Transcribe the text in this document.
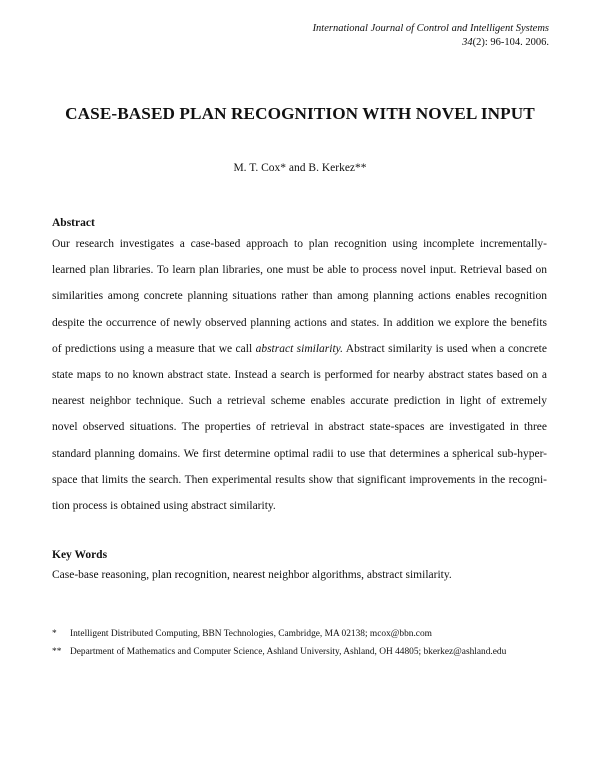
International Journal of Control and Intelligent Systems
34(2): 96-104. 2006.
CASE-BASED PLAN RECOGNITION WITH NOVEL INPUT
M. T. Cox* and B. Kerkez**
Abstract
Our research investigates a case-based approach to plan recognition using incomplete incrementally-
learned plan libraries. To learn plan libraries, one must be able to process novel input. Retrieval based on
similarities among concrete planning situations rather than among planning actions enables recognition
despite the occurrence of newly observed planning actions and states. In addition we explore the benefits
of predictions using a measure that we call abstract similarity. Abstract similarity is used when a concrete
state maps to no known abstract state. Instead a search is performed for nearby abstract states based on a
nearest neighbor technique. Such a retrieval scheme enables accurate prediction in light of extremely
novel observed situations. The properties of retrieval in abstract state-spaces are investigated in three
standard planning domains. We first determine optimal radii to use that determines a spherical sub-hyper-
space that limits the search. Then experimental results show that significant improvements in the recogni-
tion process is obtained using abstract similarity.
Key Words
Case-base reasoning, plan recognition, nearest neighbor algorithms, abstract similarity.
*	Intelligent Distributed Computing, BBN Technologies, Cambridge, MA 02138; mcox@bbn.com
** Department of Mathematics and Computer Science, Ashland University, Ashland, OH 44805; bkerkez@ashland.edu
